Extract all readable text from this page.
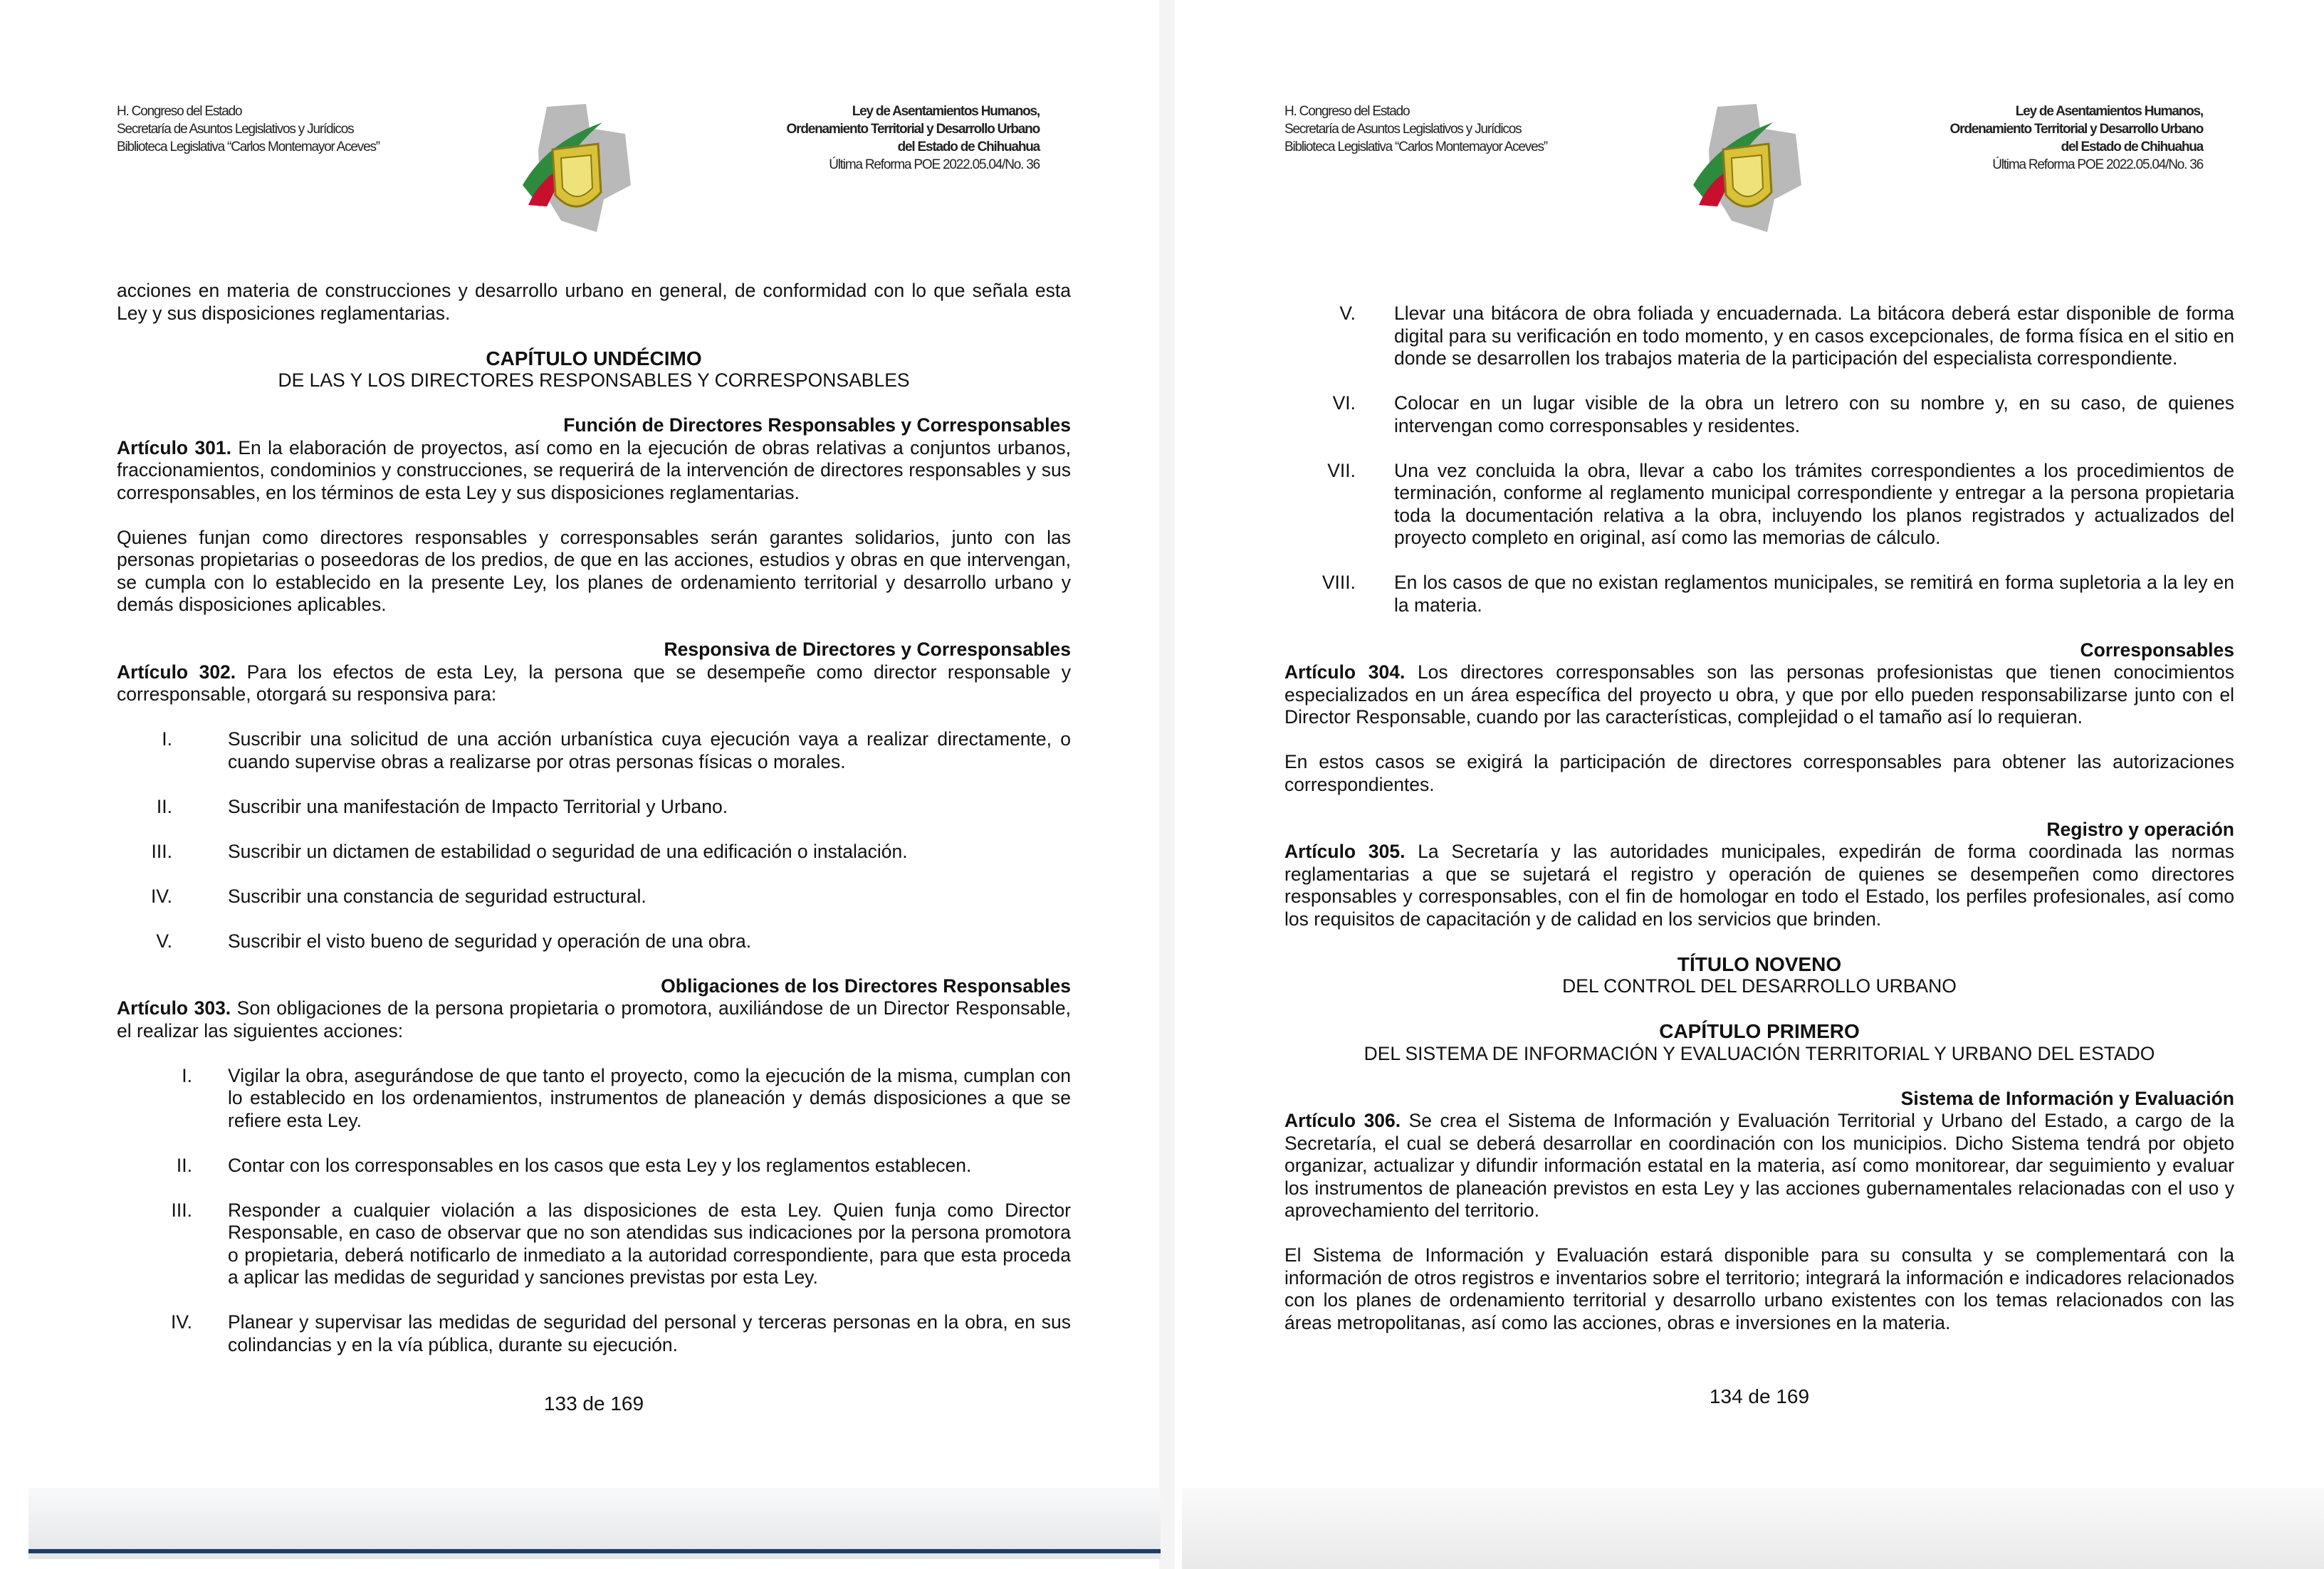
H. Congreso del Estado
Secretaría de Asuntos Legislativos y Jurídicos
Biblioteca Legislativa “Carlos Montemayor Aceves”
Ley de Asentamientos Humanos,
Ordenamiento Territorial y Desarrollo Urbano
del Estado de Chihuahua
Última Reforma POE 2022.05.04/No. 36

acciones en materia de construcciones y desarrollo urbano en general, de conformidad con lo que señala esta Ley y sus disposiciones reglamentarias.

CAPÍTULO UNDÉCIMO

DE LAS Y LOS DIRECTORES RESPONSABLES Y CORRESPONSABLES

Función de Directores Responsables y Corresponsables

Artículo 301. En la elaboración de proyectos, así como en la ejecución de obras relativas a conjuntos urbanos, fraccionamientos, condominios y construcciones, se requerirá de la intervención de directores responsables y sus corresponsables, en los términos de esta Ley y sus disposiciones reglamentarias.

Quienes funjan como directores responsables y corresponsables serán garantes solidarios, junto con las personas propietarias o poseedoras de los predios, de que en las acciones, estudios y obras en que intervengan, se cumpla con lo establecido en la presente Ley, los planes de ordenamiento territorial y desarrollo urbano y demás disposiciones aplicables.

Responsiva de Directores y Corresponsables

Artículo 302. Para los efectos de esta Ley, la persona que se desempeñe como director responsable y corresponsable, otorgará su responsiva para:

I.	Suscribir una solicitud de una acción urbanística cuya ejecución vaya a realizar directamente, o cuando supervise obras a realizarse por otras personas físicas o morales.
II.	Suscribir una manifestación de Impacto Territorial y Urbano.
III.	Suscribir un dictamen de estabilidad o seguridad de una edificación o instalación.
IV.	Suscribir una constancia de seguridad estructural.
V.	Suscribir el visto bueno de seguridad y operación de una obra.

Obligaciones de los Directores Responsables

Artículo 303. Son obligaciones de la persona propietaria o promotora, auxiliándose de un Director Responsable, el realizar las siguientes acciones:

I. Vigilar la obra, asegurándose de que tanto el proyecto, como la ejecución de la misma, cumplan con lo establecido en los ordenamientos, instrumentos de planeación y demás disposiciones a que se refiere esta Ley.
II. Contar con los corresponsables en los casos que esta Ley y los reglamentos establecen.
III. Responder a cualquier violación a las disposiciones de esta Ley. Quien funja como Director Responsable, en caso de observar que no son atendidas sus indicaciones por la persona promotora o propietaria, deberá notificarlo de inmediato a la autoridad correspondiente, para que esta proceda a aplicar las medidas de seguridad y sanciones previstas por esta Ley.
IV. Planear y supervisar las medidas de seguridad del personal y terceras personas en la obra, en sus colindancias y en la vía pública, durante su ejecución.
133 de 169
H. Congreso del Estado
Secretaría de Asuntos Legislativos y Jurídicos
Biblioteca Legislativa “Carlos Montemayor Aceves”
Ley de Asentamientos Humanos,
Ordenamiento Territorial y Desarrollo Urbano
del Estado de Chihuahua
Última Reforma POE 2022.05.04/No. 36
V. Llevar una bitácora de obra foliada y encuadernada. La bitácora deberá estar disponible de forma digital para su verificación en todo momento, y en casos excepcionales, de forma física en el sitio en donde se desarrollen los trabajos materia de la participación del especialista correspondiente.
VI. Colocar en un lugar visible de la obra un letrero con su nombre y, en su caso, de quienes intervengan como corresponsables y residentes.
VII. Una vez concluida la obra, llevar a cabo los trámites correspondientes a los procedimientos de terminación, conforme al reglamento municipal correspondiente y entregar a la persona propietaria toda la documentación relativa a la obra, incluyendo los planos registrados y actualizados del proyecto completo en original, así como las memorias de cálculo.
VIII. En los casos de que no existan reglamentos municipales, se remitirá en forma supletoria a la ley en la materia.

Corresponsables

Artículo 304. Los directores corresponsables son las personas profesionistas que tienen conocimientos especializados en un área específica del proyecto u obra, y que por ello pueden responsabilizarse junto con el Director Responsable, cuando por las características, complejidad o el tamaño así lo requieran.

En estos casos se exigirá la participación de directores corresponsables para obtener las autorizaciones correspondientes.

Registro y operación

Artículo 305. La Secretaría y las autoridades municipales, expedirán de forma coordinada las normas reglamentarias a que se sujetará el registro y operación de quienes se desempeñen como directores responsables y corresponsables, con el fin de homologar en todo el Estado, los perfiles profesionales, así como los requisitos de capacitación y de calidad en los servicios que brinden.

TÍTULO NOVENO

DEL CONTROL DEL DESARROLLO URBANO

CAPÍTULO PRIMERO

DEL SISTEMA DE INFORMACIÓN Y EVALUACIÓN TERRITORIAL Y URBANO DEL ESTADO

Sistema de Información y Evaluación

Artículo 306. Se crea el Sistema de Información y Evaluación Territorial y Urbano del Estado, a cargo de la Secretaría, el cual se deberá desarrollar en coordinación con los municipios. Dicho Sistema tendrá por objeto organizar, actualizar y difundir información estatal en la materia, así como monitorear, dar seguimiento y evaluar los instrumentos de planeación previstos en esta Ley y las acciones gubernamentales relacionadas con el uso y aprovechamiento del territorio.

El Sistema de Información y Evaluación estará disponible para su consulta y se complementará con la información de otros registros e inventarios sobre el territorio; integrará la información e indicadores relacionados con los planes de ordenamiento territorial y desarrollo urbano existentes con los temas relacionados con las áreas metropolitanas, así como las acciones, obras e inversiones en la materia.

134 de 169
